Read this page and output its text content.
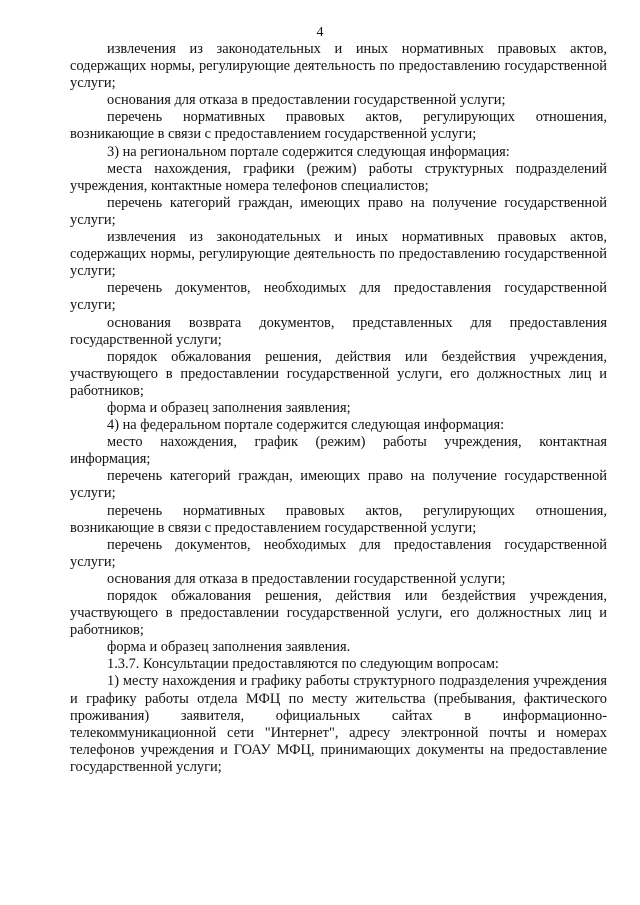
4

извлечения из законодательных и иных нормативных правовых актов, содержащих нормы, регулирующие деятельность по предоставлению государственной услуги;

основания для отказа в предоставлении государственной услуги;

перечень нормативных правовых актов, регулирующих отношения, возникающие в связи с предоставлением государственной услуги;

3) на региональном портале содержится следующая информация:

места нахождения, графики (режим) работы структурных подразделений учреждения, контактные номера телефонов специалистов;

перечень категорий граждан, имеющих право на получение государственной услуги;

извлечения из законодательных и иных нормативных правовых актов, содержащих нормы, регулирующие деятельность по предоставлению государственной услуги;

перечень документов, необходимых для предоставления государственной услуги;

основания возврата документов, представленных для предоставления государственной услуги;

порядок обжалования решения, действия или бездействия учреждения, участвующего в предоставлении государственной услуги, его должностных лиц и работников;

форма и образец заполнения заявления;

4) на федеральном портале содержится следующая информация:

место нахождения, график (режим) работы учреждения, контактная информация;

перечень категорий граждан, имеющих право на получение государственной услуги;

перечень нормативных правовых актов, регулирующих отношения, возникающие в связи с предоставлением государственной услуги;

перечень документов, необходимых для предоставления государственной услуги;

основания для отказа в предоставлении государственной услуги;

порядок обжалования решения, действия или бездействия учреждения, участвующего в предоставлении государственной услуги, его должностных лиц и работников;

форма и образец заполнения заявления.

1.3.7. Консультации предоставляются по следующим вопросам:

1) месту нахождения и графику работы структурного подразделения учреждения и графику работы отдела МФЦ по месту жительства (пребывания, фактического проживания) заявителя, официальных сайтах в информационно-телекоммуникационной сети "Интернет", адресу электронной почты и номерах телефонов учреждения и ГОАУ МФЦ, принимающих документы на предоставление государственной услуги;
